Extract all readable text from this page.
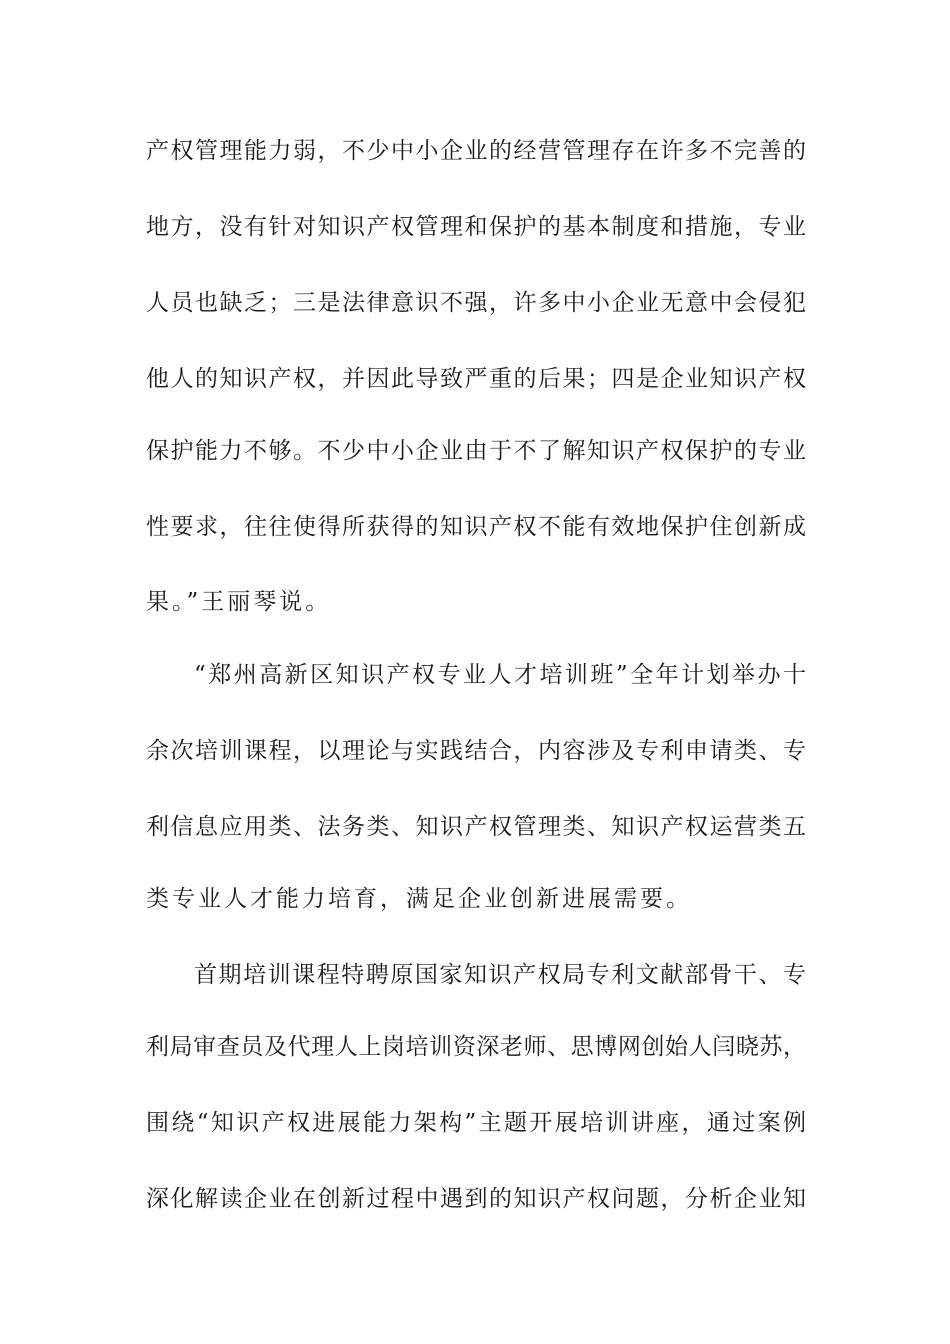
产权管理能力弱，不少中小企业的经营管理存在许多不完善的
地方，没有针对知识产权管理和保护的基本制度和措施，专业
人员也缺乏；三是法律意识不强，许多中小企业无意中会侵犯
他人的知识产权，并因此导致严重的后果；四是企业知识产权
保护能力不够。不少中小企业由于不了解知识产权保护的专业
性要求，往往使得所获得的知识产权不能有效地保护住创新成
果。”王丽琴说。
“郑州高新区知识产权专业人才培训班”全年计划举办十
余次培训课程，以理论与实践结合，内容涉及专利申请类、专
利信息应用类、法务类、知识产权管理类、知识产权运营类五
类专业人才能力培育，满足企业创新进展需要。
首期培训课程特聘原国家知识产权局专利文献部骨干、专
利局审查员及代理人上岗培训资深老师、思博网创始人闫晓苏，
围绕“知识产权进展能力架构”主题开展培训讲座，通过案例
深化解读企业在创新过程中遇到的知识产权问题，分析企业知
